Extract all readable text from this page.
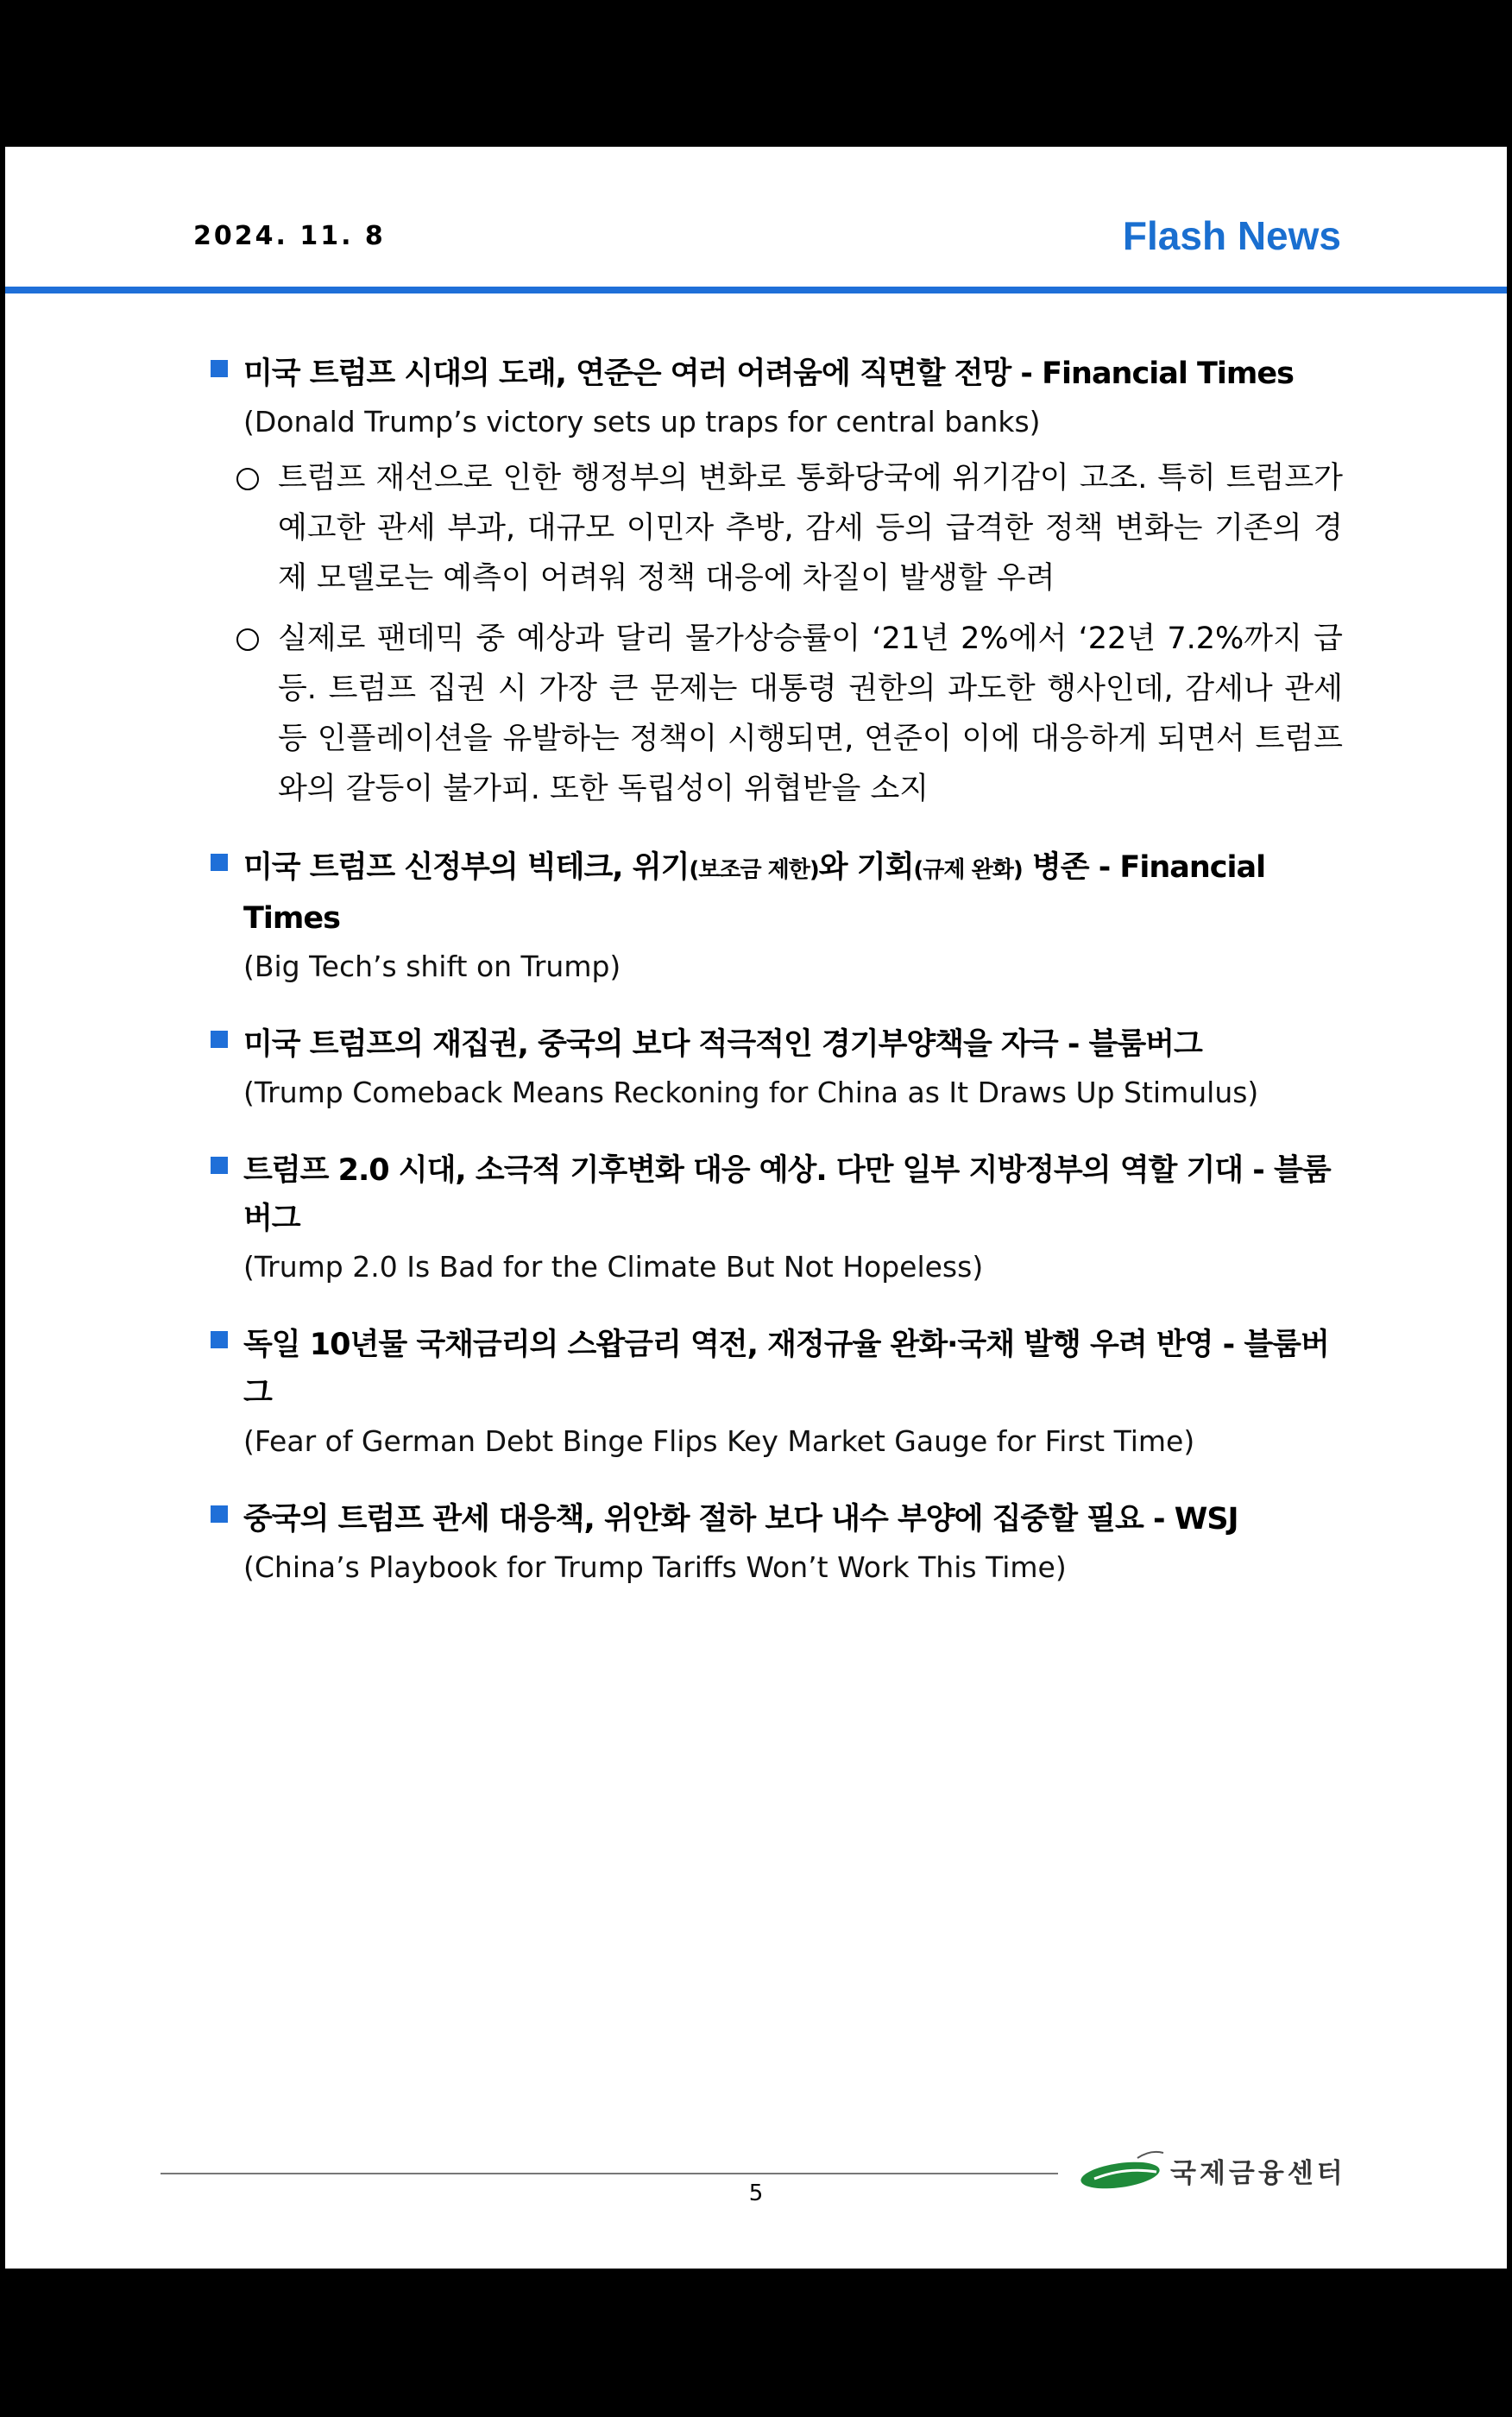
2024. 11. 8	Flash News
미국 트럼프 시대의 도래, 연준은 여러 어려움에 직면할 전망 - Financial Times
(Donald Trump’s victory sets up traps for central banks)
트럼프 재선으로 인한 행정부의 변화로 통화당국에 위기감이 고조. 특히 트럼프가 예고한 관세 부과, 대규모 이민자 추방, 감세 등의 급격한 정책 변화는 기존의 경제 모델로는 예측이 어려워 정책 대응에 차질이 발생할 우려
실제로 팬데믹 중 예상과 달리 물가상승률이 ‘21년 2%에서 ‘22년 7.2%까지 급등. 트럼프 집권 시 가장 큰 문제는 대통령 권한의 과도한 행사인데, 감세나 관세 등 인플레이션을 유발하는 정책이 시행되면, 연준이 이에 대응하게 되면서 트럼프와의 갈등이 불가피. 또한 독립성이 위협받을 소지
미국 트럼프 신정부의 빅테크, 위기(보조금 제한)와 기회(규제 완화) 병존 - Financial Times
(Big Tech’s shift on Trump)
미국 트럼프의 재집권, 중국의 보다 적극적인 경기부양책을 자극 - 블룸버그
(Trump Comeback Means Reckoning for China as It Draws Up Stimulus)
트럼프 2.0 시대, 소극적 기후변화 대응 예상. 다만 일부 지방정부의 역할 기대 - 블룸버그
(Trump 2.0 Is Bad for the Climate But Not Hopeless)
독일 10년물 국채금리의 스왑금리 역전, 재정규율 완화·국채 발행 우려 반영 - 블룸버그
(Fear of German Debt Binge Flips Key Market Gauge for First Time)
중국의 트럼프 관세 대응책, 위안화 절하 보다 내수 부양에 집중할 필요 - WSJ
(China’s Playbook for Trump Tariffs Won’t Work This Time)
5
국제금융센터
